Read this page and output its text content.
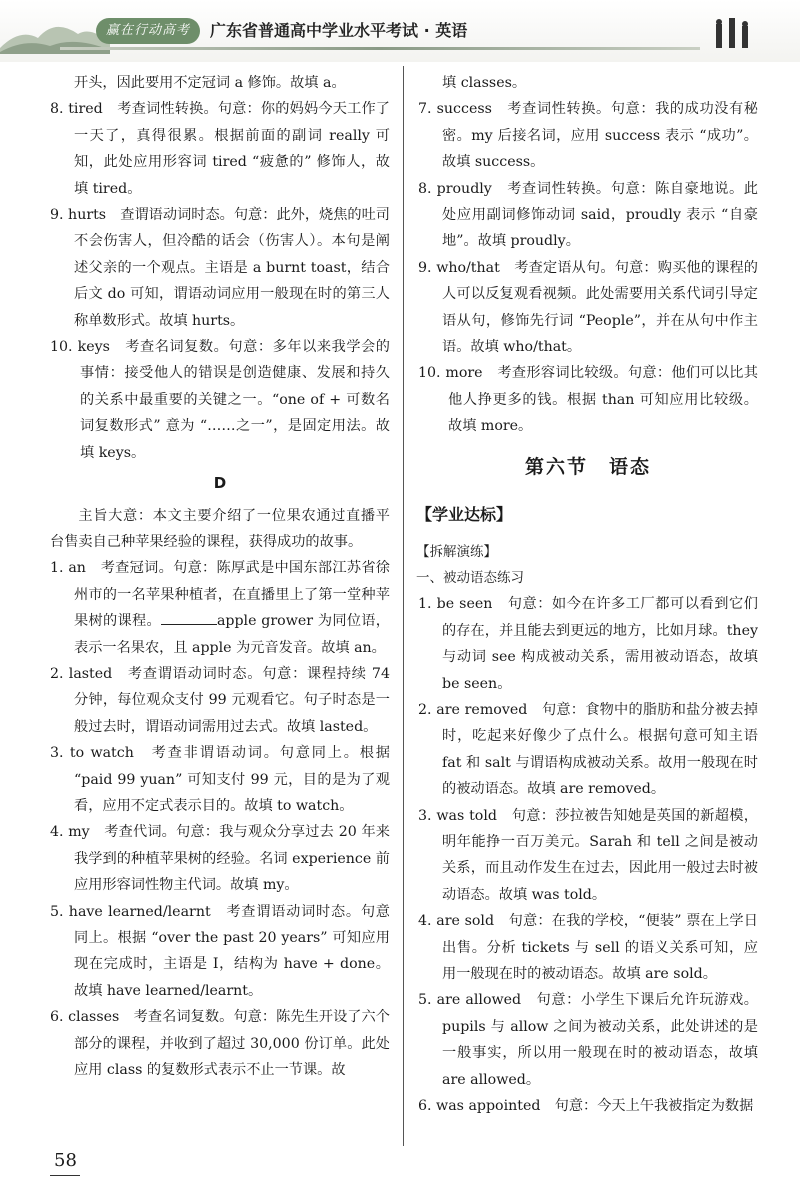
赢在行动高考	广东省普通高中学业水平考试 · 英语

开头，因此要用不定冠词 a 修饰。故填 a。

8. tired　考查词性转换。句意：你的妈妈今天工作了一天了，真得很累。根据前面的副词 really 可知，此处应用形容词 tired “疲惫的” 修饰人，故填 tired。

9. hurts　查谓语动词时态。句意：此外，烧焦的吐司不会伤害人，但冷酷的话会（伤害人）。本句是阐述父亲的一个观点。主语是 a burnt toast，结合后文 do 可知，谓语动词应用一般现在时的第三人称单数形式。故填 hurts。

10. keys　考查名词复数。句意：多年以来我学会的事情：接受他人的错误是创造健康、发展和持久的关系中最重要的关键之一。“one of + 可数名词复数形式” 意为 “……之一”，是固定用法。故填 keys。

D

主旨大意：本文主要介绍了一位果农通过直播平台售卖自己种苹果经验的课程，获得成功的故事。

1. an　考查冠词。句意：陈厚武是中国东部江苏省徐州市的一名苹果种植者，在直播里上了第一堂种苹果树的课程。	apple grower 为同位语，表示一名果农，且 apple 为元音发音。故填 an。

2. lasted　考查谓语动词时态。句意：课程持续 74 分钟，每位观众支付 99 元观看它。句子时态是一般过去时，谓语动词需用过去式。故填 lasted。

3. to watch　考查非谓语动词。句意同上。根据 “paid 99 yuan” 可知支付 99 元，目的是为了观看，应用不定式表示目的。故填 to watch。

4. my　考查代词。句意：我与观众分享过去 20 年来我学到的种植苹果树的经验。名词 experience 前应用形容词性物主代词。故填 my。

5. have learned/learnt　考查谓语动词时态。句意同上。根据 “over the past 20 years” 可知应用现在完成时，主语是 I，结构为 have + done。故填 have learned/learnt。

6. classes　考查名词复数。句意：陈先生开设了六个部分的课程，并收到了超过 30,000 份订单。此处应用 class 的复数形式表示不止一节课。故

填 classes。

7. success　考查词性转换。句意：我的成功没有秘密。my 后接名词，应用 success 表示 “成功”。故填 success。

8. proudly　考查词性转换。句意：陈自豪地说。此处应用副词修饰动词 said，proudly 表示 “自豪地”。故填 proudly。

9. who/that　考查定语从句。句意：购买他的课程的人可以反复观看视频。此处需要用关系代词引导定语从句，修饰先行词 “People”，并在从句中作主语。故填 who/that。

10. more　考查形容词比较级。句意：他们可以比其他人挣更多的钱。根据 than 可知应用比较级。故填 more。

第六节　语态
【学业达标】

【拆解演练】

一、被动语态练习

1. be seen　句意：如今在许多工厂都可以看到它们的存在，并且能去到更远的地方，比如月球。they 与动词 see 构成被动关系，需用被动语态，故填 be seen。

2. are removed　句意：食物中的脂肪和盐分被去掉时，吃起来好像少了点什么。根据句意可知主语 fat 和 salt 与谓语构成被动关系。故用一般现在时的被动语态。故填 are removed。

3. was told　句意：莎拉被告知她是英国的新超模，明年能挣一百万美元。Sarah 和 tell 之间是被动关系，而且动作发生在过去，因此用一般过去时被动语态。故填 was told。

4. are sold　句意：在我的学校，“便装” 票在上学日出售。分析 tickets 与 sell 的语义关系可知，应用一般现在时的被动语态。故填 are sold。

5. are allowed　句意：小学生下课后允许玩游戏。pupils 与 allow 之间为被动关系，此处讲述的是一般事实，所以用一般现在时的被动语态，故填 are allowed。

6. was appointed　句意：今天上午我被指定为数据

58
